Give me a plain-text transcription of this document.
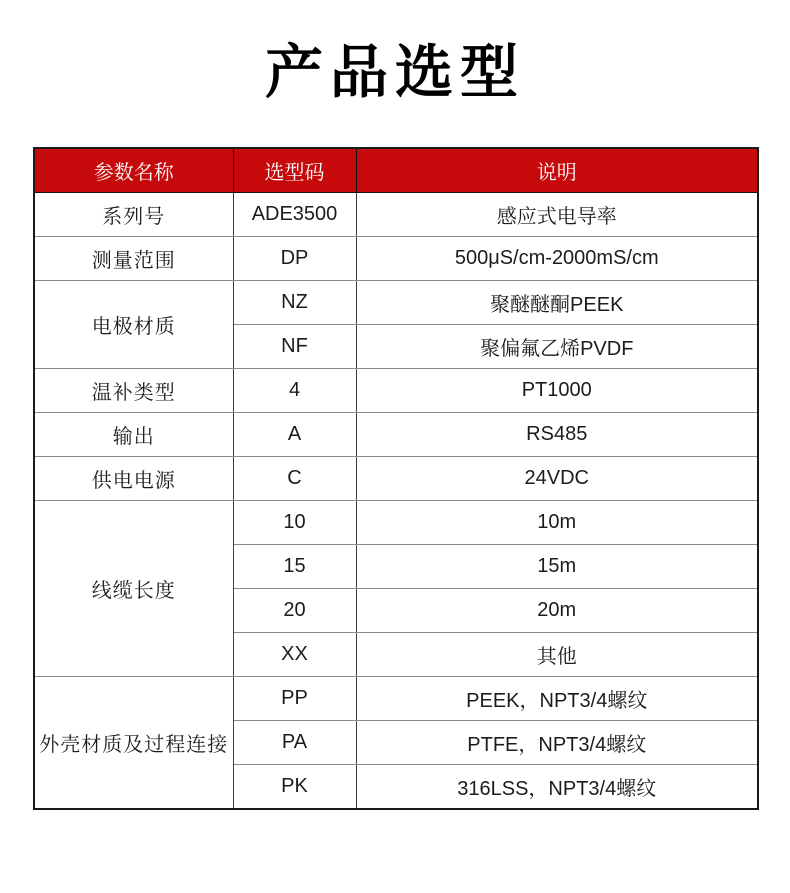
产品选型
参数名称	选型码	说明
系列号	ADE3500	感应式电导率
测量范围	DP	500μS/cm-2000mS/cm
电极材质	NZ	聚醚醚酮PEEK
	NF	聚偏氟乙烯PVDF
温补类型	4	PT1000
输出	A	RS485
供电电源	C	24VDC
线缆长度	10	10m
	15	15m
	20	20m
	XX	其他
外壳材质及过程连接	PP	PEEK，NPT3/4螺纹
	PA	PTFE，NPT3/4螺纹
	PK	316LSS，NPT3/4螺纹
